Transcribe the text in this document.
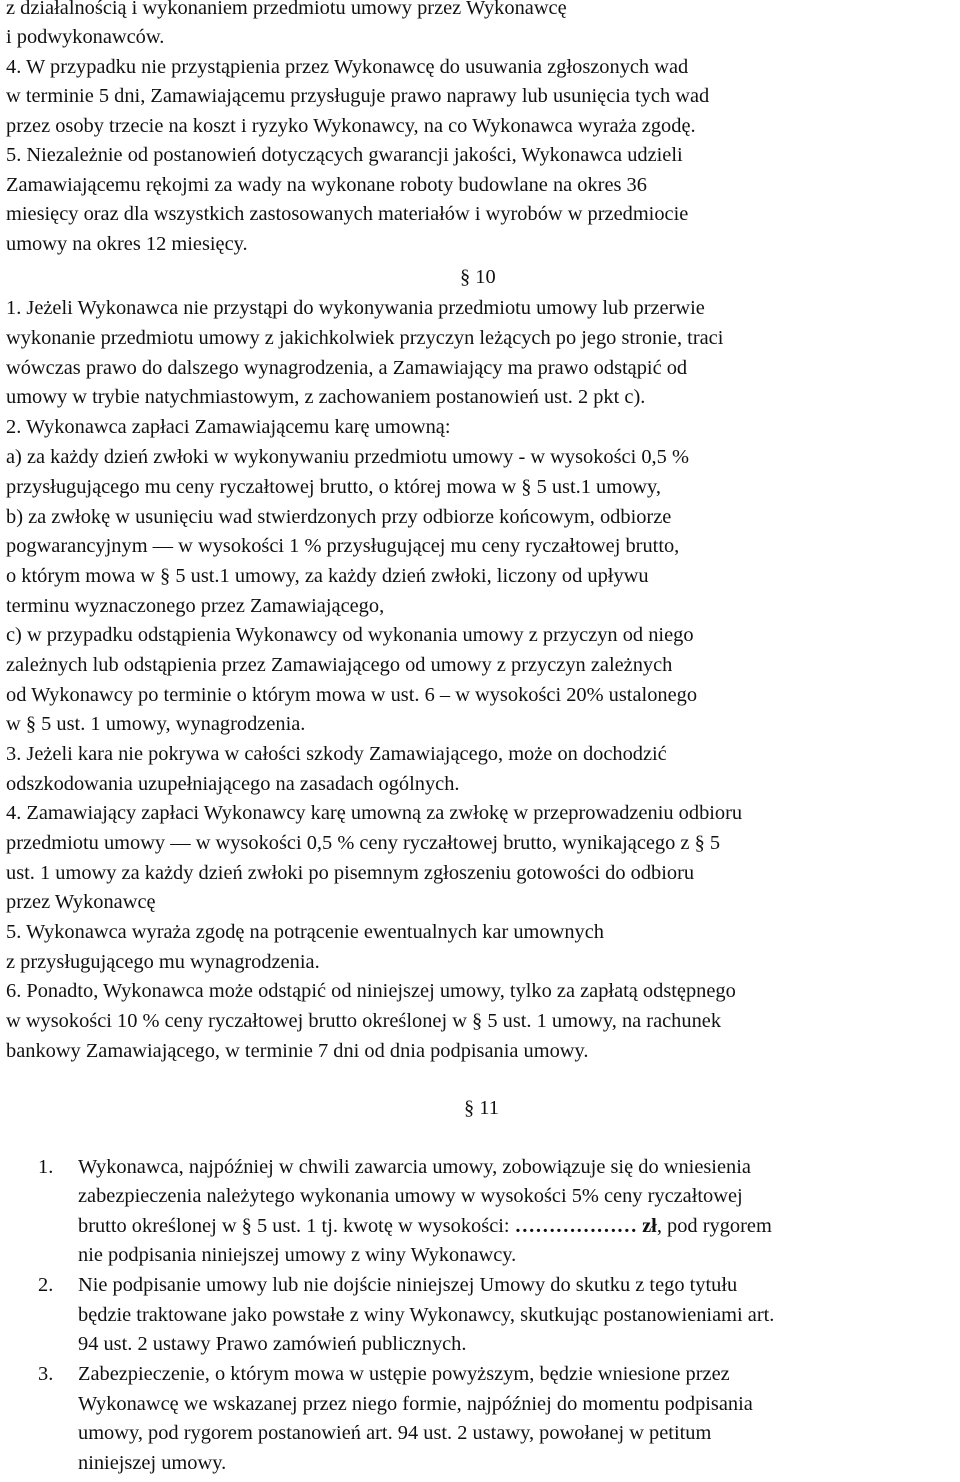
z działalnością i wykonaniem przedmiotu umowy przez Wykonawcę

i podwykonawców.

4. W przypadku nie przystąpienia przez Wykonawcę do usuwania zgłoszonych wad

w terminie 5 dni, Zamawiającemu przysługuje prawo naprawy lub usunięcia tych wad

przez osoby trzecie na koszt i ryzyko Wykonawcy, na co Wykonawca wyraża zgodę.

5. Niezależnie od postanowień dotyczących gwarancji jakości, Wykonawca udzieli

Zamawiającemu rękojmi za wady na wykonane roboty budowlane na okres 36

miesięcy oraz dla wszystkich zastosowanych materiałów i wyrobów w przedmiocie

umowy na okres 12 miesięcy.

§ 10

1. Jeżeli Wykonawca nie przystąpi do wykonywania przedmiotu umowy lub przerwie

wykonanie przedmiotu umowy z jakichkolwiek przyczyn leżących po jego stronie, traci

wówczas prawo do dalszego wynagrodzenia, a Zamawiający ma prawo odstąpić od

umowy w trybie natychmiastowym, z zachowaniem postanowień ust. 2 pkt c).

2. Wykonawca zapłaci Zamawiającemu karę umowną:

a) za każdy dzień zwłoki w wykonywaniu przedmiotu umowy - w wysokości 0,5 %

przysługującego mu ceny ryczałtowej brutto, o której mowa w § 5 ust.1 umowy,

b) za zwłokę w usunięciu wad stwierdzonych przy odbiorze końcowym, odbiorze

pogwarancyjnym — w wysokości 1 % przysługującej mu ceny ryczałtowej brutto,

o którym mowa w § 5 ust.1 umowy, za każdy dzień zwłoki, liczony od upływu

terminu wyznaczonego przez Zamawiającego,

c) w przypadku odstąpienia Wykonawcy od wykonania umowy z przyczyn od niego

zależnych lub odstąpienia przez Zamawiającego od umowy z przyczyn zależnych

od Wykonawcy po terminie o którym mowa w ust. 6 – w wysokości 20% ustalonego

w § 5 ust. 1 umowy, wynagrodzenia.

3. Jeżeli kara nie pokrywa w całości szkody Zamawiającego, może on dochodzić

odszkodowania uzupełniającego na zasadach ogólnych.

4. Zamawiający zapłaci Wykonawcy karę umowną za zwłokę w przeprowadzeniu odbioru

przedmiotu umowy — w wysokości 0,5 % ceny ryczałtowej brutto, wynikającego z § 5

ust. 1 umowy za każdy dzień zwłoki po pisemnym zgłoszeniu gotowości do odbioru

przez Wykonawcę

5. Wykonawca wyraża zgodę na potrącenie ewentualnych kar umownych

z przysługującego mu wynagrodzenia.

6. Ponadto, Wykonawca może odstąpić od niniejszej umowy, tylko za zapłatą odstępnego

w wysokości 10 % ceny ryczałtowej brutto określonej w § 5 ust. 1 umowy, na rachunek

bankowy Zamawiającego, w terminie 7 dni od dnia podpisania umowy.

§ 11

1. Wykonawca, najpóźniej w chwili zawarcia umowy, zobowiązuje się do wniesienia

zabezpieczenia należytego wykonania umowy w wysokości 5% ceny ryczałtowej

brutto określonej w § 5 ust. 1 tj. kwotę w wysokości: ……………… zł, pod rygorem

nie podpisania niniejszej umowy z winy Wykonawcy.

2. Nie podpisanie umowy lub nie dojście niniejszej Umowy do skutku z tego tytułu

będzie traktowane jako powstałe z winy Wykonawcy, skutkując postanowieniami art.

94 ust. 2 ustawy Prawo zamówień publicznych.

3. Zabezpieczenie, o którym mowa w ustępie powyższym, będzie wniesione przez

Wykonawcę we wskazanej przez niego formie, najpóźniej do momentu podpisania

umowy, pod rygorem postanowień art. 94 ust. 2 ustawy, powołanej w petitum

niniejszej umowy.
